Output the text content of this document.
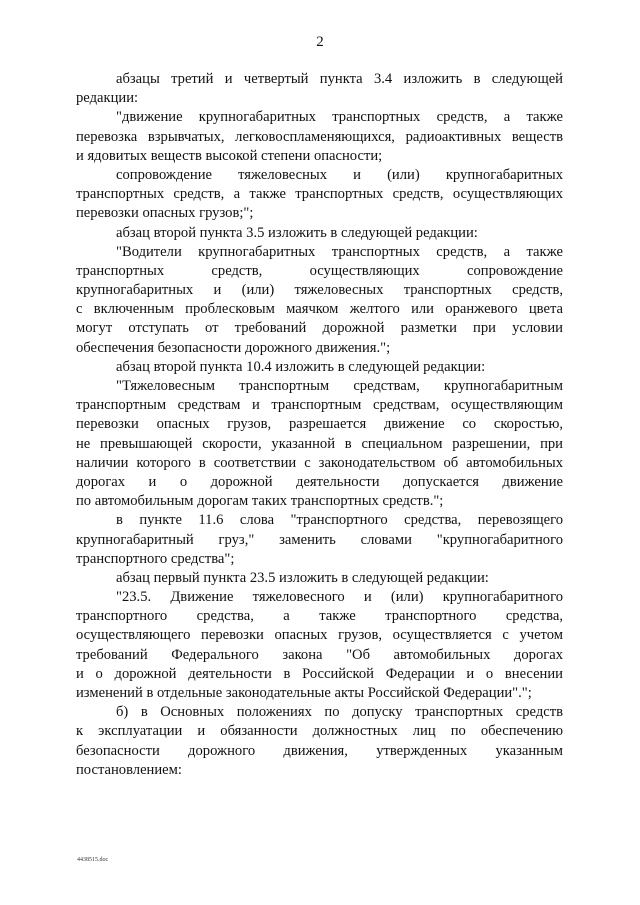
2
абзацы третий и четвертый пункта 3.4 изложить в следующей
редакции:
"движение крупногабаритных транспортных средств, а также
перевозка взрывчатых, легковоспламеняющихся, радиоактивных веществ
и ядовитых веществ высокой степени опасности;
сопровождение тяжеловесных и (или) крупногабаритных
транспортных средств, а также транспортных средств, осуществляющих
перевозки опасных грузов;";
абзац второй пункта 3.5 изложить в следующей редакции:
"Водители крупногабаритных транспортных средств, а также
транспортных средств, осуществляющих сопровождение
крупногабаритных и (или) тяжеловесных транспортных средств,
с включенным проблесковым маячком желтого или оранжевого цвета
могут отступать от требований дорожной разметки при условии
обеспечения безопасности дорожного движения.";
абзац второй пункта 10.4 изложить в следующей редакции:
"Тяжеловесным транспортным средствам, крупногабаритным
транспортным средствам и транспортным средствам, осуществляющим
перевозки опасных грузов, разрешается движение со скоростью,
не превышающей скорости, указанной в специальном разрешении, при
наличии которого в соответствии с законодательством об автомобильных
дорогах и о дорожной деятельности допускается движение
по автомобильным дорогам таких транспортных средств.";
в пункте 11.6 слова "транспортного средства, перевозящего
крупногабаритный груз," заменить словами "крупногабаритного
транспортного средства";
абзац первый пункта 23.5 изложить в следующей редакции:
"23.5. Движение тяжеловесного и (или) крупногабаритного
транспортного средства, а также транспортного средства,
осуществляющего перевозки опасных грузов, осуществляется с учетом
требований Федерального закона "Об автомобильных дорогах
и о дорожной деятельности в Российской Федерации и о внесении
изменений в отдельные законодательные акты Российской Федерации".";
б) в Основных положениях по допуску транспортных средств
к эксплуатации и обязанности должностных лиц по обеспечению
безопасности дорожного движения, утвержденных указанным
постановлением:
4438515.doc
